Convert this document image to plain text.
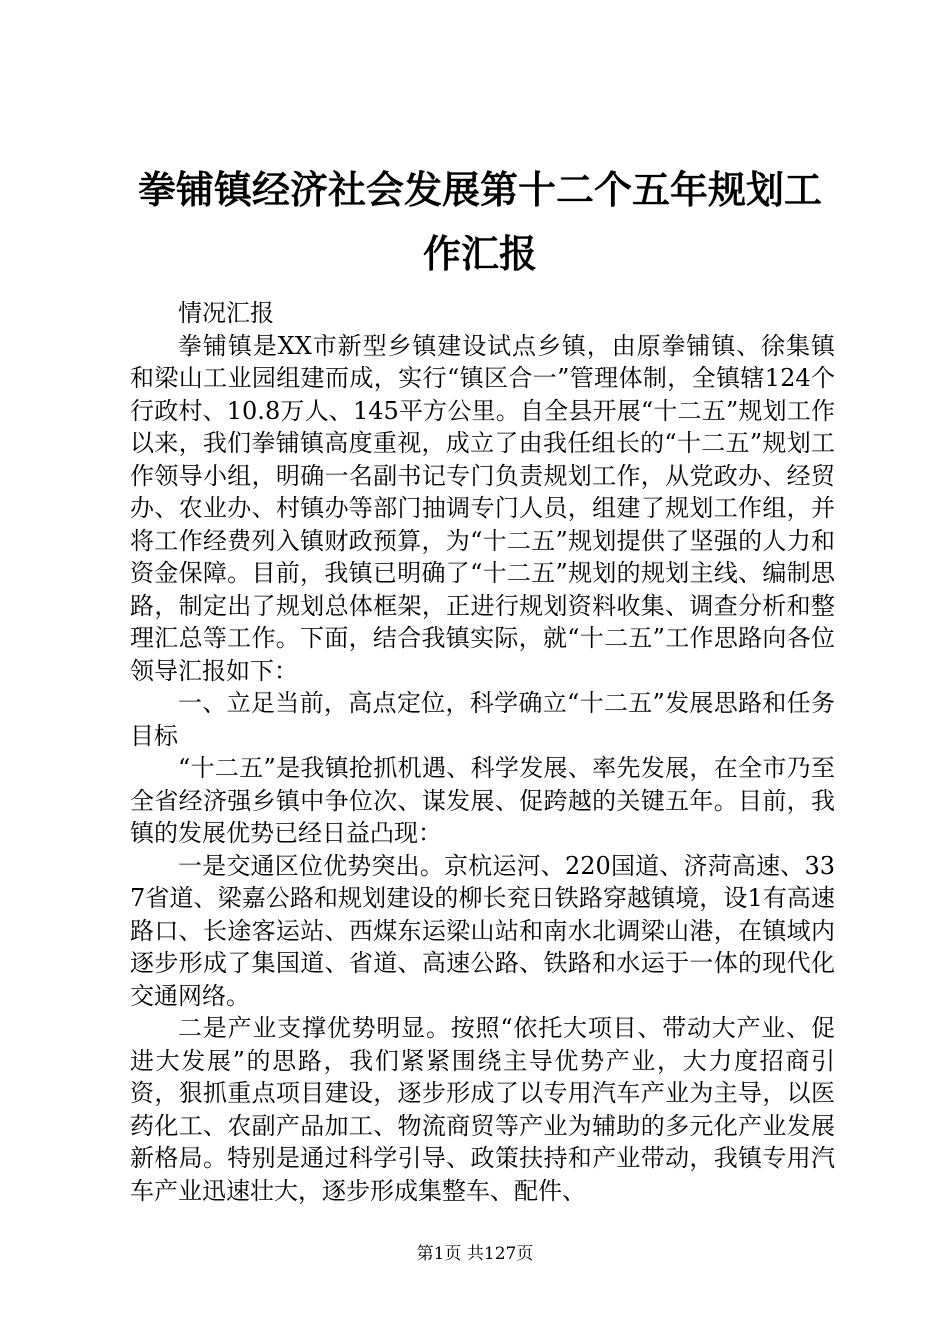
拳铺镇经济社会发展第十二个五年规划工作汇报

情况汇报

拳铺镇是XX市新型乡镇建设试点乡镇，由原拳铺镇、徐集镇和梁山工业园组建而成，实行“镇区合一”管理体制，全镇辖124个行政村、10.8万人、145平方公里。自全县开展“十二五”规划工作以来，我们拳铺镇高度重视，成立了由我任组长的“十二五”规划工作领导小组，明确一名副书记专门负责规划工作，从党政办、经贸办、农业办、村镇办等部门抽调专门人员，组建了规划工作组，并将工作经费列入镇财政预算，为“十二五”规划提供了坚强的人力和资金保障。目前，我镇已明确了“十二五”规划的规划主线、编制思路，制定出了规划总体框架，正进行规划资料收集、调查分析和整理汇总等工作。下面，结合我镇实际，就“十二五”工作思路向各位领导汇报如下：

一、立足当前，高点定位，科学确立“十二五”发展思路和任务目标

“十二五”是我镇抢抓机遇、科学发展、率先发展，在全市乃至全省经济强乡镇中争位次、谋发展、促跨越的关键五年。目前，我镇的发展优势已经日益凸现：

一是交通区位优势突出。京杭运河、220国道、济菏高速、337省道、梁嘉公路和规划建设的柳长兖日铁路穿越镇境，设1有高速路口、长途客运站、西煤东运梁山站和南水北调梁山港，在镇域内逐步形成了集国道、省道、高速公路、铁路和水运于一体的现代化交通网络。

二是产业支撑优势明显。按照“依托大项目、带动大产业、促进大发展”的思路，我们紧紧围绕主导优势产业，大力度招商引资，狠抓重点项目建设，逐步形成了以专用汽车产业为主导，以医药化工、农副产品加工、物流商贸等产业为辅助的多元化产业发展新格局。特别是通过科学引导、政策扶持和产业带动，我镇专用汽车产业迅速壮大，逐步形成集整车、配件、

第1页 共127页
